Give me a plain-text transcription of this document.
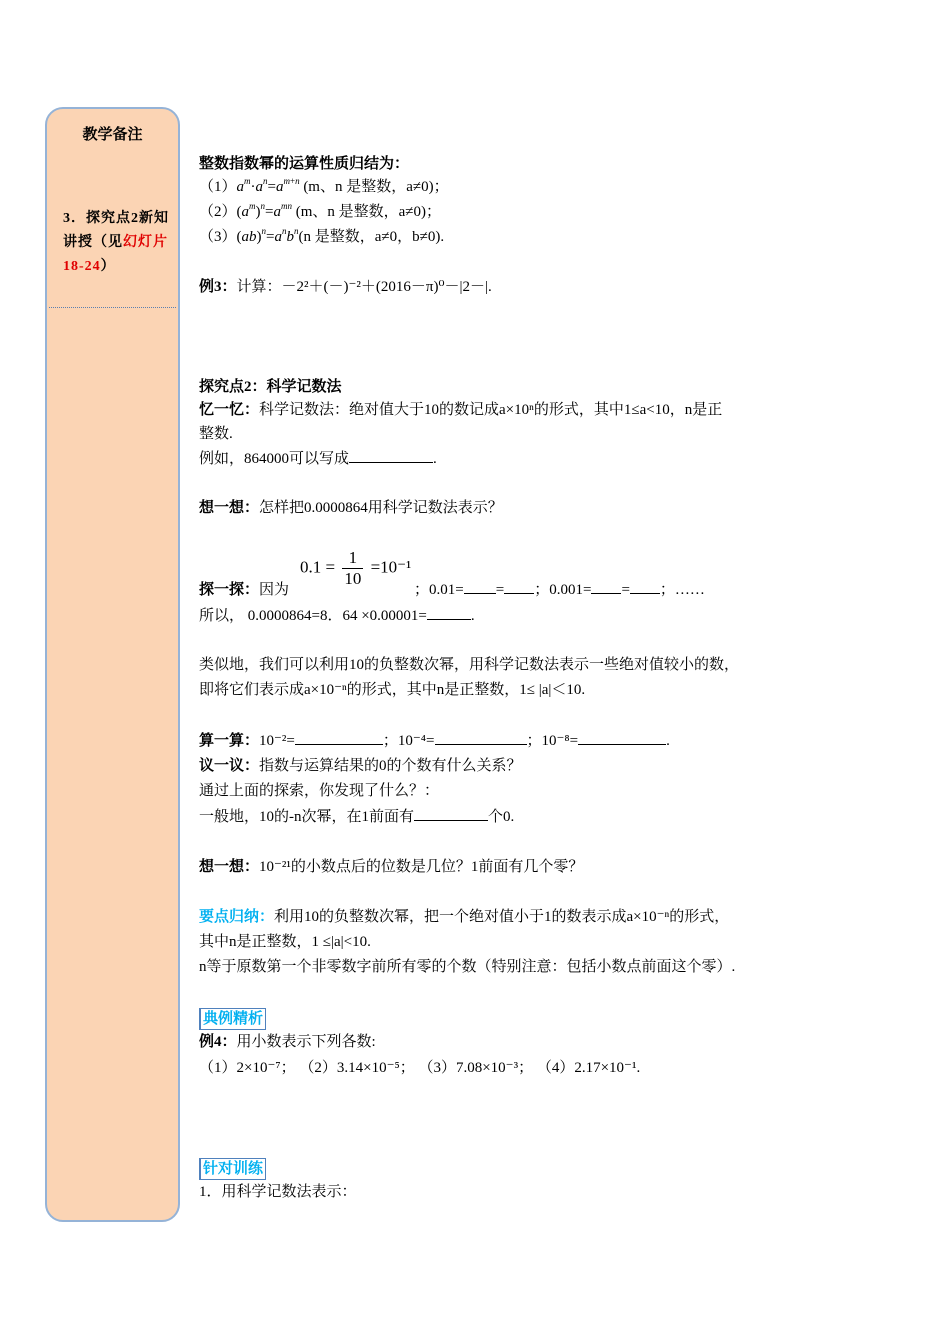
教学备注
3．探究点2新知讲授（见幻灯片18-24）
整数指数幂的运算性质归结为：
$(1)a^m\cdot a^n=a^{m+n}$ (m、n 是整数，a≠0)；
$(2)(a^m)^n=a^{mn}$ (m、n 是整数，a≠0)；
$(3)(ab)^n=a^nb^n(n$ 是整数，a≠0，b≠0).
例3：计算：－2²＋(－)⁻²＋(2016－π)⁰－|2－|.
探究点2：科学记数法
忆一忆：科学记数法：绝对值大于10的数记成a×10ⁿ的形式，其中1≤a<10，n是正
整数.
例如，864000可以写成	.
想一想：怎样把0.0000864用科学记数法表示？
$0.1 = \frac{1}{10} =10^{-1}$
探一探：因为	；0.01= = ；0.001= = ；……
所以， 0.0000864=8．64 ×0.00001=	.
类似地，我们可以利用10的负整数次幂，用科学记数法表示一些绝对值较小的数，
即将它们表示成a×10⁻ⁿ的形式，其中n是正整数，1≤ |a|＜10.
算一算：10⁻²=	；10⁻⁴=	；10⁻⁸=	.
议一议：指数与运算结果的0的个数有什么关系？
通过上面的探索，你发现了什么？：
一般地，10的-n次幂，在1前面有	个0.
想一想：10⁻²¹的小数点后的位数是几位？1前面有几个零？
要点归纳：利用10的负整数次幂，把一个绝对值小于1的数表示成a×10⁻ⁿ的形式，
其中n是正整数，1 ≤|a|<10.
n等于原数第一个非零数字前所有零的个数（特别注意：包括小数点前面这个零）.
典例精析
例4：用小数表示下列各数:
（1）2×10⁻⁷； （2）3.14×10⁻⁵； （3）7.08×10⁻³； （4）2.17×10⁻¹.
针对训练
1．用科学记数法表示：
